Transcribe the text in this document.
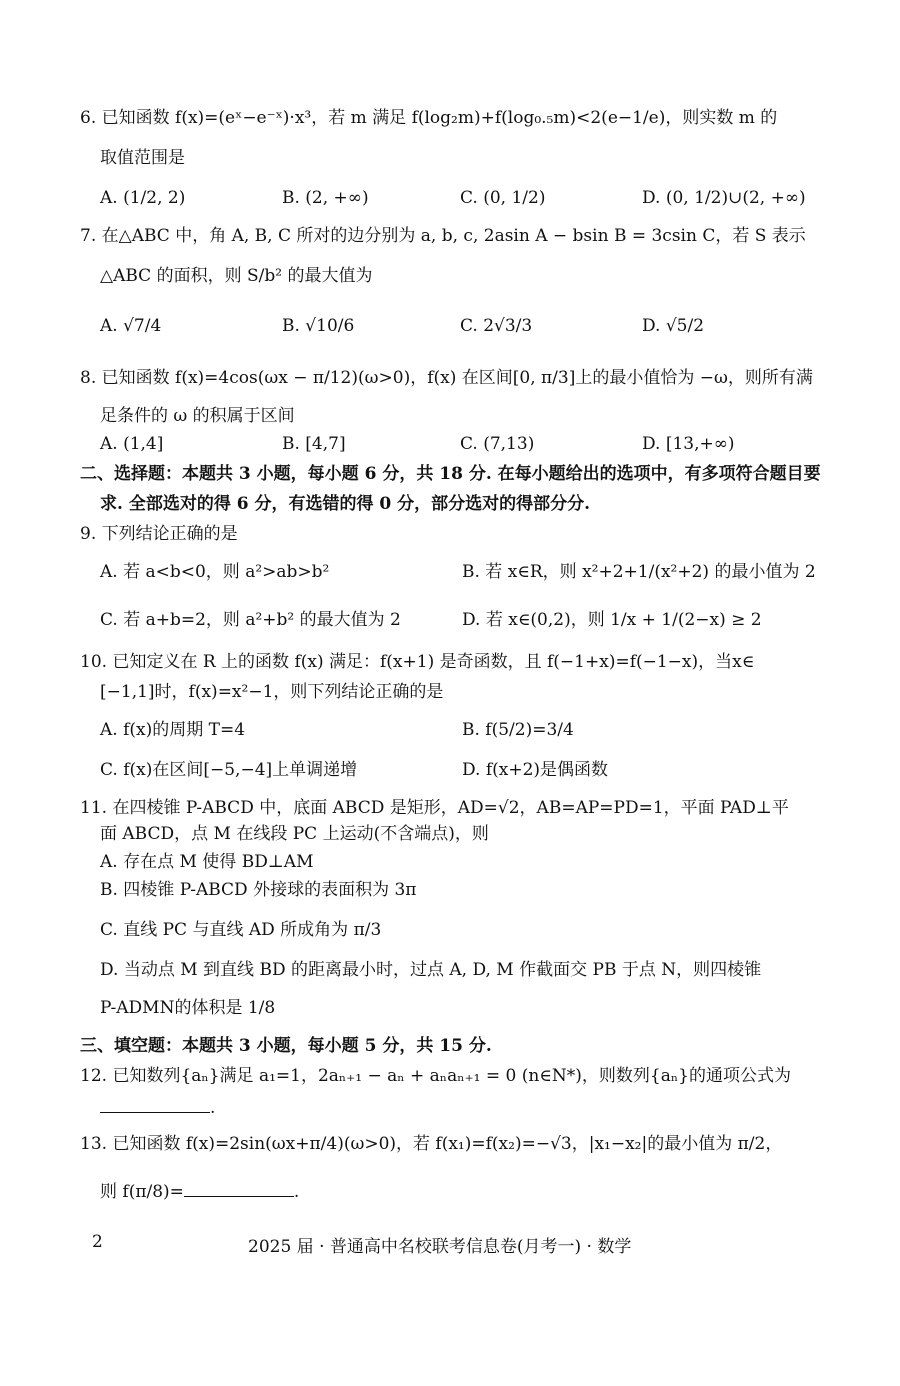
6. 已知函数 f(x)=(eˣ−e⁻ˣ)·x³，若 m 满足 f(log₂m)+f(log₀.₅m)<2(e−1/e)，则实数 m 的
取值范围是
A. (1/2, 2)	B. (2, +∞)	C. (0, 1/2)	D. (0, 1/2)∪(2, +∞)
7. 在△ABC 中，角 A, B, C 所对的边分别为 a, b, c, 2asin A − bsin B = 3csin C，若 S 表示
△ABC 的面积，则 S/b² 的最大值为
A. √7/4	B. √10/6	C. 2√3/3	D. √5/2
8. 已知函数 f(x)=4cos(ωx − π/12)(ω>0)，f(x) 在区间[0, π/3]上的最小值恰为 −ω，则所有满
足条件的 ω 的积属于区间
A. (1,4]	B. [4,7]	C. (7,13)	D. [13,+∞)
二、选择题：本题共 3 小题，每小题 6 分，共 18 分. 在每小题给出的选项中，有多项符合题目要
求. 全部选对的得 6 分，有选错的得 0 分，部分选对的得部分分.
9. 下列结论正确的是
A. 若 a<b<0，则 a²>ab>b²	B. 若 x∈R，则 x²+2+1/(x²+2) 的最小值为 2
C. 若 a+b=2，则 a²+b² 的最大值为 2	D. 若 x∈(0,2)，则 1/x + 1/(2−x) ≥ 2
10. 已知定义在 R 上的函数 f(x) 满足：f(x+1) 是奇函数，且 f(−1+x)=f(−1−x)，当x∈
[−1,1]时，f(x)=x²−1，则下列结论正确的是
A. f(x)的周期 T=4	B. f(5/2)=3/4
C. f(x)在区间[−5,−4]上单调递增	D. f(x+2)是偶函数
11. 在四棱锥 P-ABCD 中，底面 ABCD 是矩形，AD=√2，AB=AP=PD=1，平面 PAD⊥平
面 ABCD，点 M 在线段 PC 上运动(不含端点)，则
A. 存在点 M 使得 BD⊥AM
B. 四棱锥 P-ABCD 外接球的表面积为 3π
C. 直线 PC 与直线 AD 所成角为 π/3
D. 当动点 M 到直线 BD 的距离最小时，过点 A, D, M 作截面交 PB 于点 N，则四棱锥
P-ADMN的体积是 1/8
三、填空题：本题共 3 小题，每小题 5 分，共 15 分.
12. 已知数列{aₙ}满足 a₁=1，2aₙ₊₁ − aₙ + aₙaₙ₊₁ = 0 (n∈N*)，则数列{aₙ}的通项公式为
.
13. 已知函数 f(x)=2sin(ωx+π/4)(ω>0)，若 f(x₁)=f(x₂)=−√3，|x₁−x₂|的最小值为 π/2，
则 f(π/8)=	.
2	2025 届 · 普通高中名校联考信息卷(月考一) · 数学
